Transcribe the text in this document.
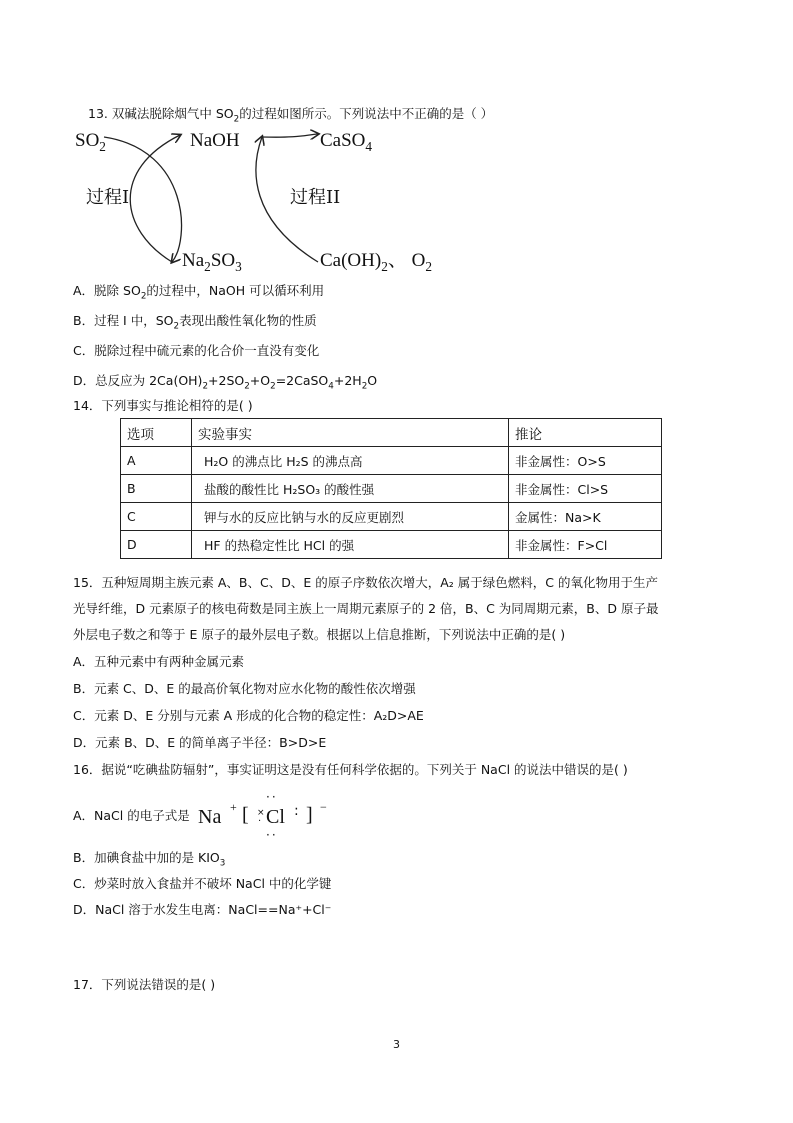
13. 双碱法脱除烟气中 $SO_2$的过程如图所示。下列说法中不正确的是（ ）
$SO_2$	NaOH	CaSO$_4$
过程I	过程II
$Na_2SO_3$	$Ca(OH)_2$、 $O_2$
A．脱除 $SO_2$的过程中，NaOH 可以循环利用
B．过程 I 中，$SO_2$表现出酸性氧化物的性质
C．脱除过程中硫元素的化合价一直没有变化
D．总反应为 $2Ca(OH)_2+2SO_2+O_2=2CaSO_4+2H_2O$
14．下列事实与推论相符的是( )
选项	实验事实	推论
A	H₂O 的沸点比 H₂S 的沸点高	非金属性：O>S
B	盐酸的酸性比 H₂SO₃ 的酸性强	非金属性：Cl>S
C	钾与水的反应比钠与水的反应更剧烈	金属性：Na>K
D	HF 的热稳定性比 HCl 的强	非金属性：F>Cl
15．五种短周期主族元素 A、B、C、D、E 的原子序数依次增大，A₂ 属于绿色燃料，C 的氧化物用于生产
光导纤维，D 元素原子的核电荷数是同主族上一周期元素原子的 2 倍，B、C 为同周期元素，B、D 原子最
外层电子数之和等于 E 原子的最外层电子数。根据以上信息推断，下列说法中正确的是( )
A．五种元素中有两种金属元素
B．元素 C、D、E 的最高价氧化物对应水化物的酸性依次增强
C．元素 D、E 分别与元素 A 形成的化合物的稳定性：A₂D>AE
D．元素 B、D、E 的简单离子半径：B>D>E
16．据说“吃碘盐防辐射”，事实证明这是没有任何科学依据的。下列关于 NaCl 的说法中错误的是( )
A．NaCl 的电子式是 Na + [ ×
· Cl
··
··
: ] −
B．加碘食盐中加的是 $KIO_3$
C．炒菜时放入食盐并不破坏 NaCl 中的化学键
D．NaCl 溶于水发生电离：NaCl==Na⁺+Cl⁻
17．下列说法错误的是( )
3
